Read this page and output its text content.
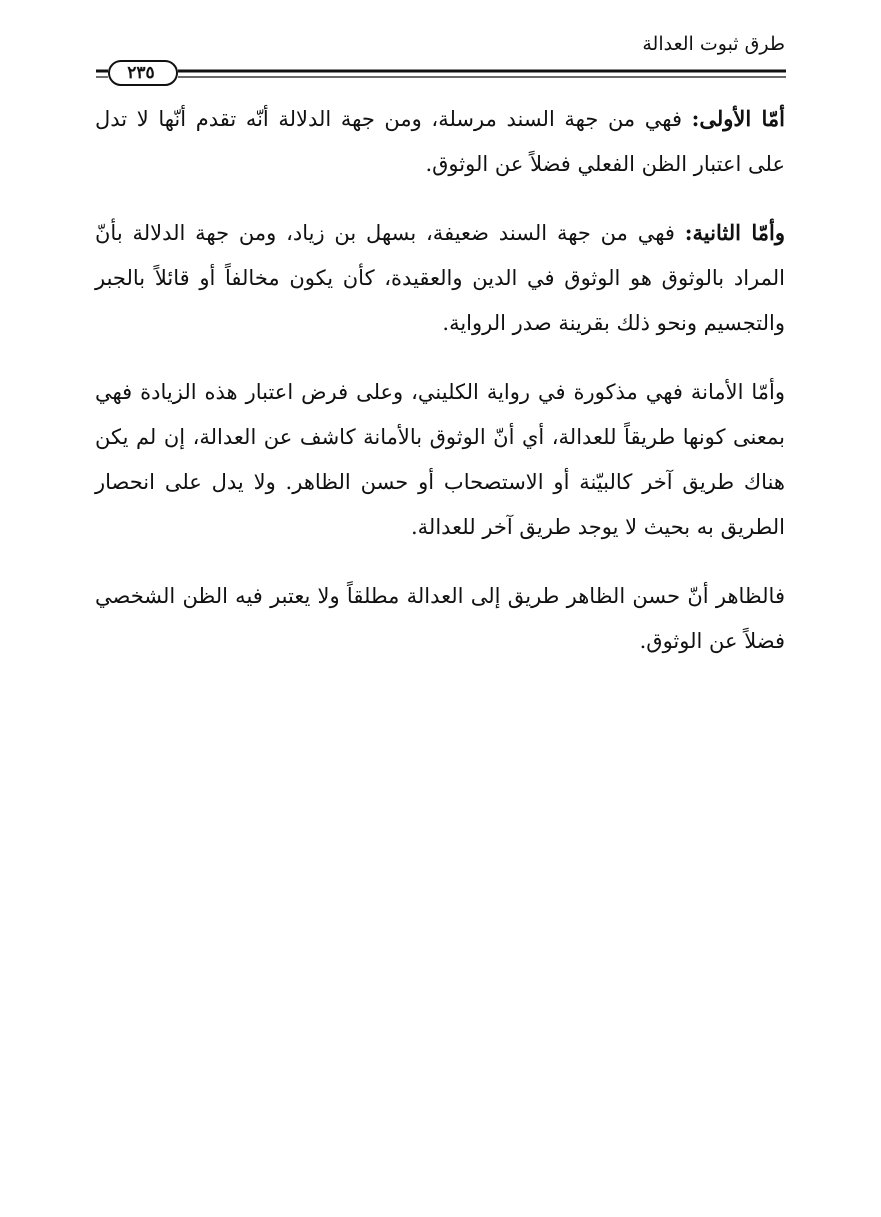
طرق ثبوت العدالة
٢٣٥

أمّا الأولى: فهي من جهة السند مرسلة، ومن جهة الدلالة أنّه تقدم أنّها لا تدل على اعتبار الظن الفعلي فضلاً عن الوثوق.

وأمّا الثانية: فهي من جهة السند ضعيفة، بسهل بن زياد، ومن جهة الدلالة بأنّ المراد بالوثوق هو الوثوق في الدين والعقيدة، كأن يكون مخالفاً أو قائلاً بالجبر والتجسيم ونحو ذلك بقرينة صدر الرواية.

وأمّا الأمانة فهي مذكورة في رواية الكليني، وعلى فرض اعتبار هذه الزيادة فهي بمعنى كونها طريقاً للعدالة، أي أنّ الوثوق بالأمانة كاشف عن العدالة، إن لم يكن هناك طريق آخر كالبيّنة أو الاستصحاب أو حسن الظاهر. ولا يدل على انحصار الطريق به بحيث لا يوجد طريق آخر للعدالة.

فالظاهر أنّ حسن الظاهر طريق إلى العدالة مطلقاً ولا يعتبر فيه الظن الشخصي فضلاً عن الوثوق.
